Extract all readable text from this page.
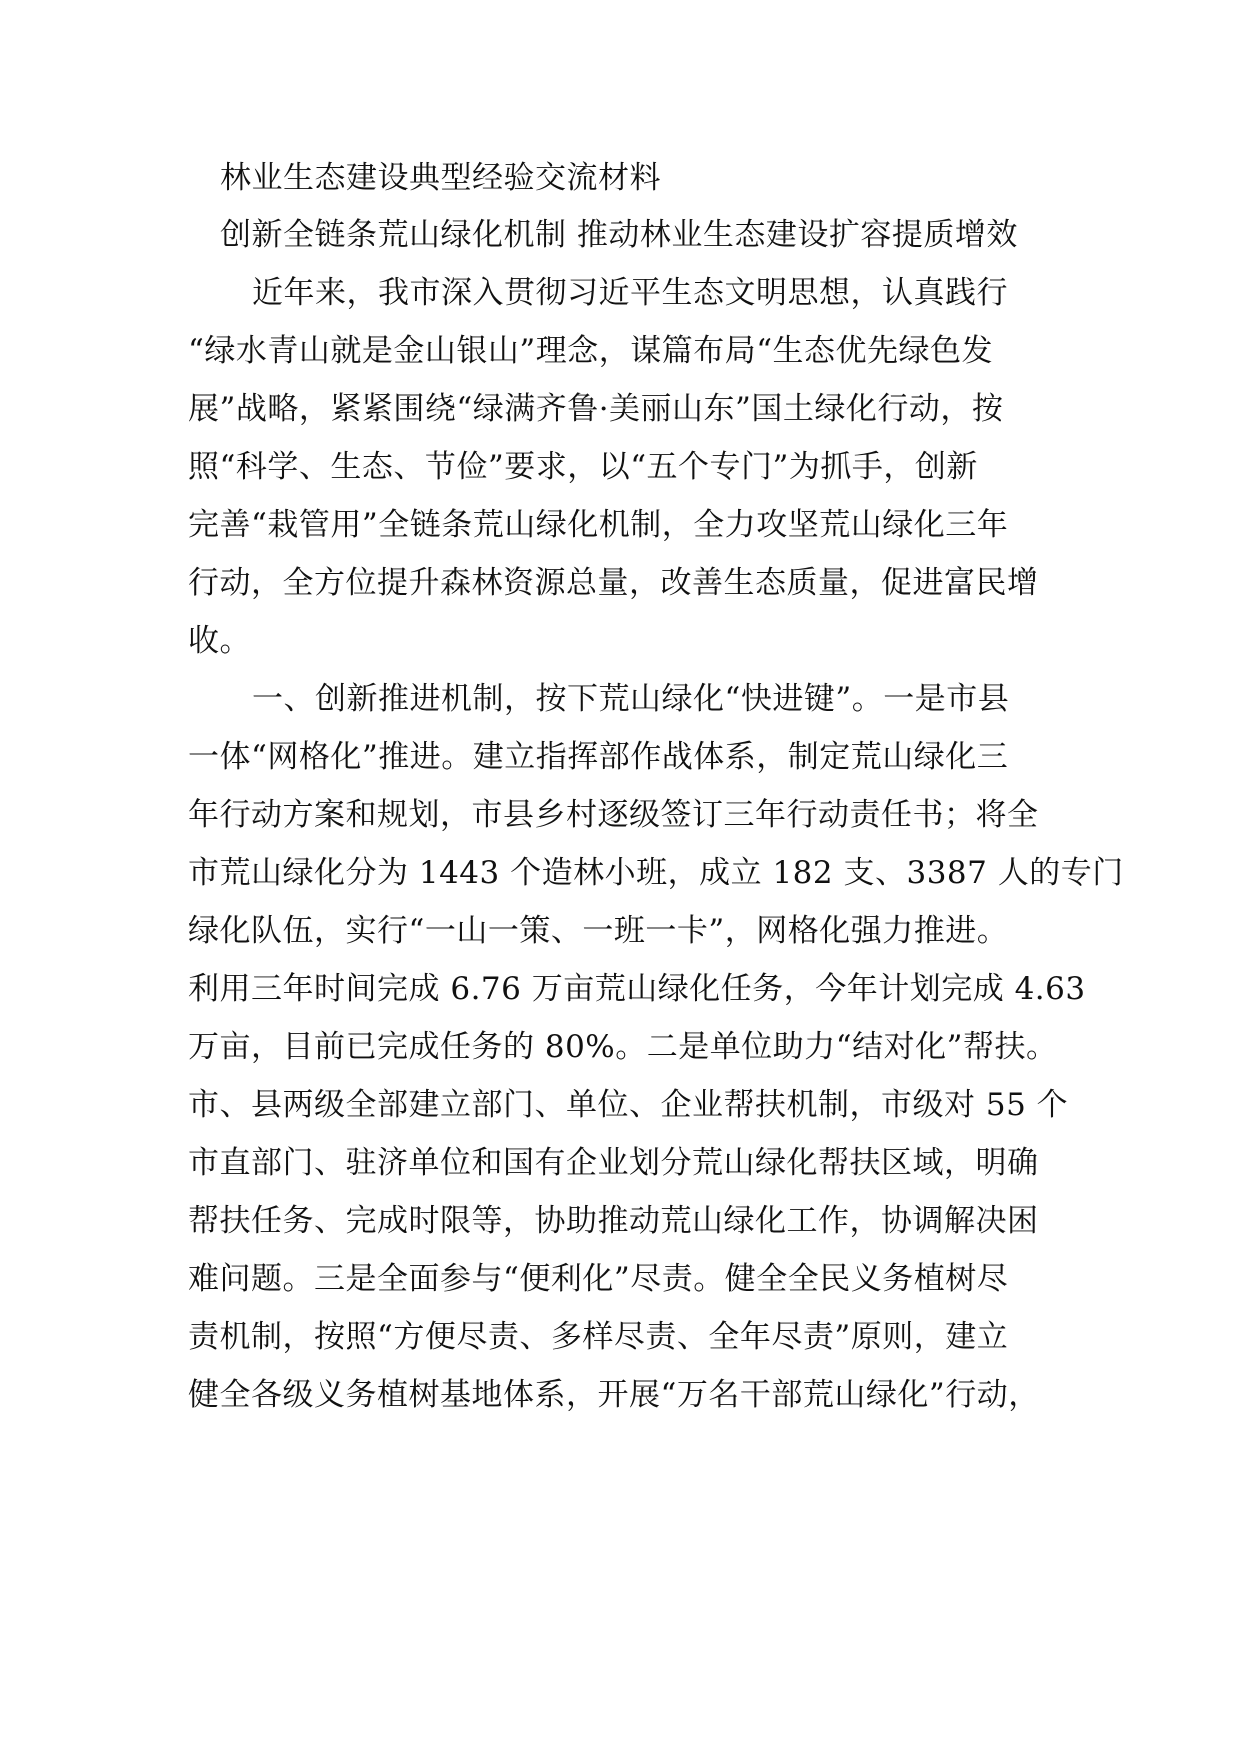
林业生态建设典型经验交流材料
创新全链条荒山绿化机制 推动林业生态建设扩容提质增效
近年来，我市深入贯彻习近平生态文明思想，认真践行
“绿水青山就是金山银山”理念，谋篇布局“生态优先绿色发
展”战略，紧紧围绕“绿满齐鲁·美丽山东”国土绿化行动，按
照“科学、生态、节俭”要求，以“五个专门”为抓手，创新
完善“栽管用”全链条荒山绿化机制，全力攻坚荒山绿化三年
行动，全方位提升森林资源总量，改善生态质量，促进富民增
收。
一、创新推进机制，按下荒山绿化“快进键”。一是市县
一体“网格化”推进。建立指挥部作战体系，制定荒山绿化三
年行动方案和规划，市县乡村逐级签订三年行动责任书；将全
市荒山绿化分为 1443 个造林小班，成立 182 支、3387 人的专门
绿化队伍，实行“一山一策、一班一卡”，网格化强力推进。
利用三年时间完成 6.76 万亩荒山绿化任务，今年计划完成 4.63
万亩，目前已完成任务的 80%。二是单位助力“结对化”帮扶。
市、县两级全部建立部门、单位、企业帮扶机制，市级对 55 个
市直部门、驻济单位和国有企业划分荒山绿化帮扶区域，明确
帮扶任务、完成时限等，协助推动荒山绿化工作，协调解决困
难问题。三是全面参与“便利化”尽责。健全全民义务植树尽
责机制，按照“方便尽责、多样尽责、全年尽责”原则，建立
健全各级义务植树基地体系，开展“万名干部荒山绿化”行动，
